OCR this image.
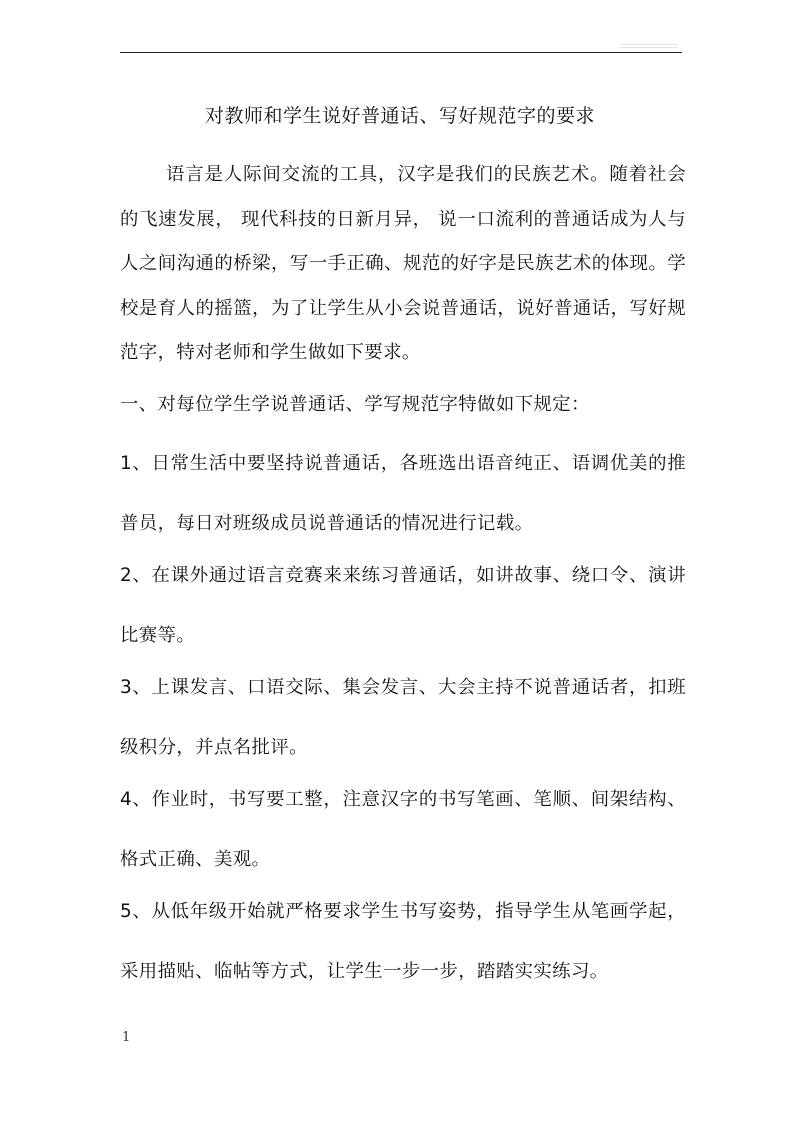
对教师和学生说好普通话、写好规范字的要求

语言是人际间交流的工具，汉字是我们的民族艺术。随着社会的飞速发展， 现代科技的日新月异， 说一口流利的普通话成为人与人之间沟通的桥梁，写一手正确、规范的好字是民族艺术的体现。学校是育人的摇篮，为了让学生从小会说普通话，说好普通话，写好规范字，特对老师和学生做如下要求。

一、对每位学生学说普通话、学写规范字特做如下规定：

1、日常生活中要坚持说普通话，各班选出语音纯正、语调优美的推普员，每日对班级成员说普通话的情况进行记载。

2、在课外通过语言竞赛来来练习普通话，如讲故事、绕口令、演讲比赛等。

3、上课发言、口语交际、集会发言、大会主持不说普通话者，扣班级积分，并点名批评。

4、作业时，书写要工整，注意汉字的书写笔画、笔顺、间架结构、格式正确、美观。

5、从低年级开始就严格要求学生书写姿势，指导学生从笔画学起，采用描贴、临帖等方式，让学生一步一步，踏踏实实练习。

1
